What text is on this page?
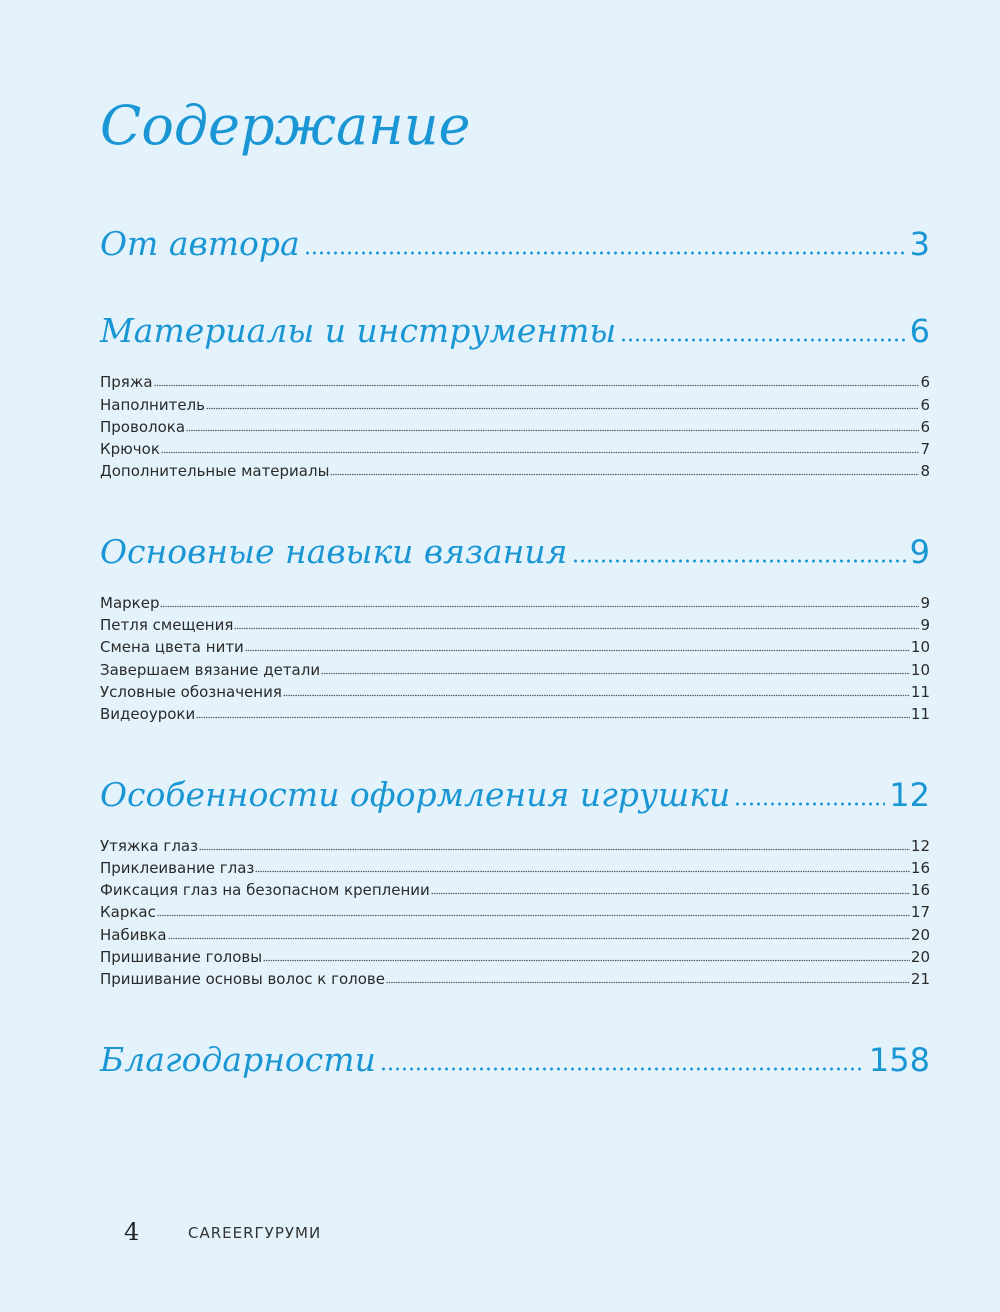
Содержание
От автора	3
Материалы и инструменты	6
Пряжа	6
Наполнитель	6
Проволока	6
Крючок	7
Дополнительные материалы	8
Основные навыки вязания	9
Маркер	9
Петля смещения	9
Смена цвета нити	10
Завершаем вязание детали	10
Условные обозначения	11
Видеоуроки	11
Особенности оформления игрушки	12
Утяжка глаз	12
Приклеивание глаз	16
Фиксация глаз на безопасном креплении	16
Каркас	17
Набивка	20
Пришивание головы	20
Пришивание основы волос к голове	21
Благодарности	158
4	CAREERГУРУМИ
